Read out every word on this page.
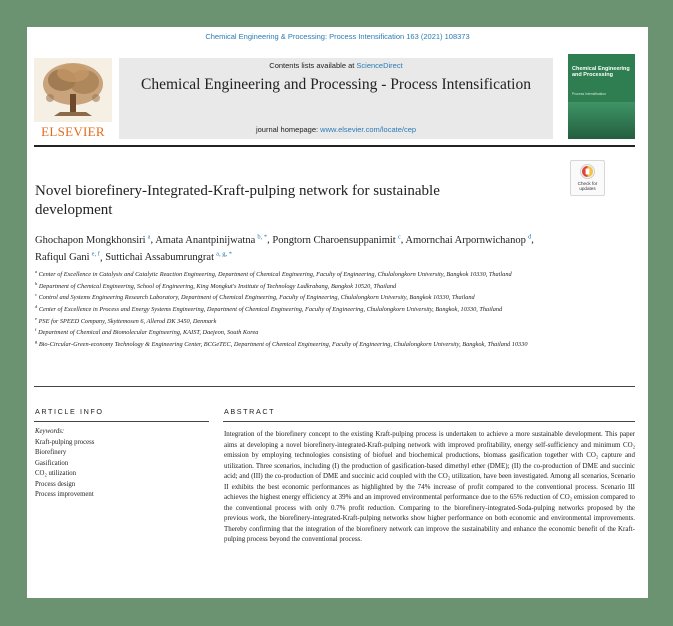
Chemical Engineering & Processing: Process Intensification 163 (2021) 108373
ELSEVIER
Contents lists available at ScienceDirect
Chemical Engineering and Processing - Process Intensification
journal homepage: www.elsevier.com/locate/cep
Chemical Engineering and Processing
Process Intensification
Check for updates
Novel biorefinery-Integrated-Kraft-pulping network for sustainable development
Ghochapon Mongkhonsiri  $^a$, Amata Anantpinijwatna  $^{b, *}$, Pongtorn Charoensuppanimit  $^c$, Amornchai Arpornwichanop  $^d$, Rafiqul Gani  $^{e, f}$, Suttichai Assabumrungrat  $^{a, g, *}$

$^a$ Center of Excellence in Catalysis and Catalytic Reaction Engineering, Department of Chemical Engineering, Faculty of Engineering, Chulalongkorn University, Bangkok 10330, Thailand

$^b$ Department of Chemical Engineering, School of Engineering, King Mongkut's Institute of Technology Ladkrabang, Bangkok 10520, Thailand

$^c$ Control and Systems Engineering Research Laboratory, Department of Chemical Engineering, Faculty of Engineering, Chulalongkorn University, Bangkok 10330, Thailand

$^d$ Center of Excellence in Process and Energy Systems Engineering, Department of Chemical Engineering, Faculty of Engineering, Chulalongkorn University, Bangkok, 10330, Thailand

$^e$ PSE for SPEED Company, Skyttemosen 6, Allerod DK 3450, Denmark

$^f$ Department of Chemical and Biomolecular Engineering, KAIST, Daejeon, South Korea

$^g$ Bio-Circular-Green-economy Technology & Engineering Center, BCGeTEC, Department of Chemical Engineering, Faculty of Engineering, Chulalongkorn University, Bangkok, Thailand 10330

ARTICLE INFO	ABSTRACT
Keywords:
Kraft-pulping process
Biorefinery
Gasification
CO₂ utilization
Process design
Process improvement
Integration of the biorefinery concept to the existing Kraft-pulping process is undertaken to achieve a more sustainable development. This paper aims at developing a novel biorefinery-integrated-Kraft-pulping network with improved profitability, energy self-sufficiency and minimum CO₂ emission by employing technologies consisting of biofuel and biochemical productions, biomass gasification together with CO₂ capture and utilization. Three scenarios, including (I) the production of gasification-based dimethyl ether (DME); (II) the co-production of DME and succinic acid; and (III) the co-production of DME and succinic acid coupled with the CO₂ utilization, have been investigated. Among all scenarios, Scenario II exhibits the best economic performances as highlighted by the 74% increase of profit compared to the conventional process. Scenario III achieves the highest energy efficiency at 39% and an improved environmental performance due to the 65% reduction of CO₂ emission compared to the conventional process with only 0.7% profit reduction. Comparing to the biorefinery-integrated-Soda-pulping networks proposed by the previous work, the biorefinery-integrated-Kraft-pulping networks show higher performance on both economic and environmental improvements. Thereby confirming that the integration of the biorefinery network can improve the sustainability and enhance the economic benefit of the Kraft-pulping process beyond the conventional process.
